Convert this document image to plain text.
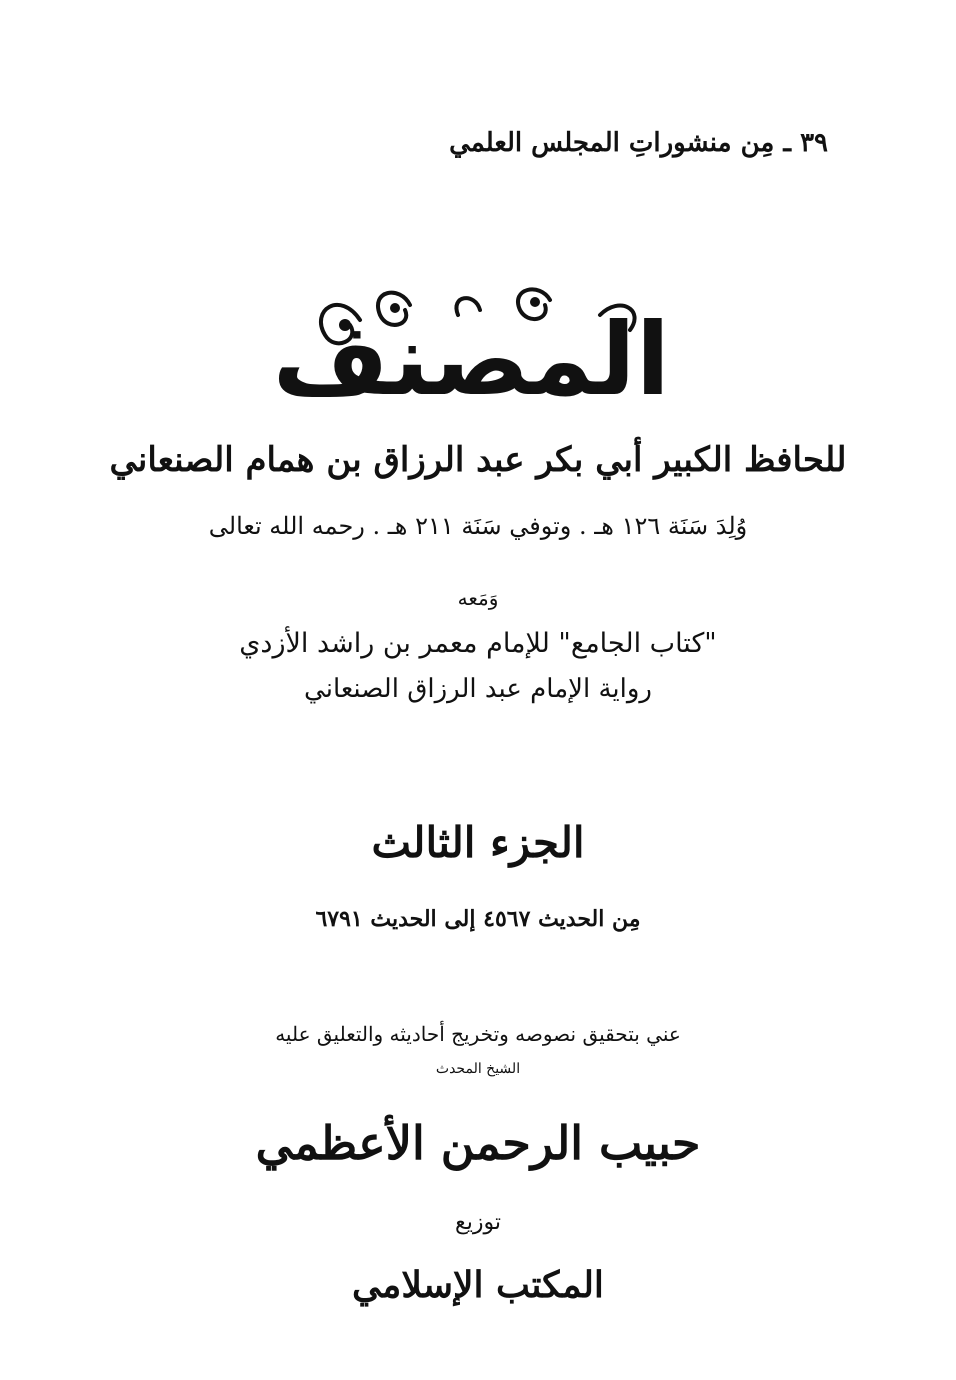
٣٩ ـ مِن منشوراتِ المجلس العلمي
المصنف
للحافظ الكبير أبي بكر عبد الرزاق بن همام الصنعاني
وُلِدَ سَنَة ١٢٦ هـ . وتوفي سَنَة ٢١١ هـ . رحمه الله تعالى
وَمَعه
"كتاب الجامع" للإمام معمر بن راشد الأزدي
رواية الإمام عبد الرزاق الصنعاني
الجزء الثالث
مِن الحديث ٤٥٦٧ إلى الحديث ٦٧٩١
عني بتحقيق نصوصه وتخريج أحاديثه والتعليق عليه
الشيخ المحدث
حبيب الرحمن الأعظمي
توزيع
المكتب الإسلامي
